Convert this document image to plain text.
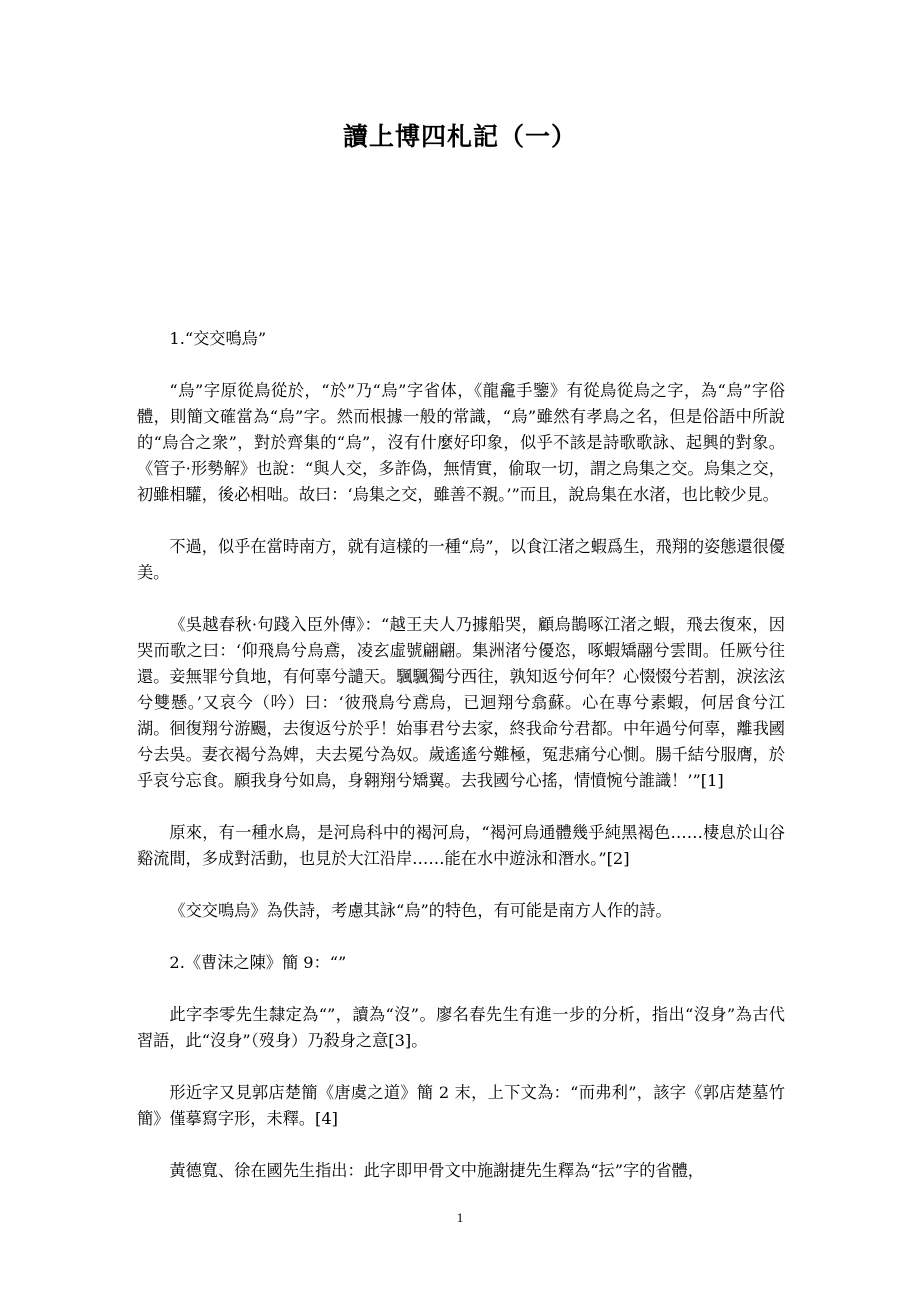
讀上博四札記（一）

1.“交交鳴烏”

“烏”字原從鳥從於，“於”乃“烏”字省体，《龍龕手鑒》有從鳥從烏之字，為“烏”字俗體，則簡文確當為“烏”字。然而根據一般的常識，“烏”雖然有孝鳥之名，但是俗語中所說的“烏合之衆”，對於齊集的“烏”，沒有什麼好印象，似乎不該是詩歌歌詠、起興的對象。《管子·形勢解》也說：“與人交，多詐偽，無情實，偷取一切，謂之烏集之交。烏集之交，初雖相驩，後必相咄。故曰：‘烏集之交，雖善不親。’”而且，說烏集在水渚，也比較少見。

不過，似乎在當時南方，就有這樣的一種“烏”，以食江渚之蝦爲生，飛翔的姿態還很優美。

《吳越春秋·句踐入臣外傳》：“越王夫人乃據船哭，顧烏鵲啄江渚之蝦，飛去復來，因哭而歌之曰：‘仰飛鳥兮烏鳶，凌玄虛號翩翩。集洲渚兮優恣，啄蝦矯翮兮雲間。任厥兮往還。妾無罪兮負地，有何辜兮譴天。颿颿獨兮西往，孰知返兮何年？心惙惙兮若割，淚泫泫兮雙懸。’又哀今（吟）曰：‘彼飛鳥兮鳶烏，已迴翔兮翕蘇。心在專兮素蝦，何居食兮江湖。徊復翔兮游颺，去復返兮於乎！始事君兮去家，終我命兮君都。中年過兮何辜，離我國兮去吳。妻衣褐兮為婢，夫去冕兮為奴。歲遙遙兮難極，冤悲痛兮心惻。腸千結兮服膺，於乎哀兮忘食。願我身兮如鳥，身翱翔兮矯翼。去我國兮心搖，情憤惋兮誰識！’”[1]

原來，有一種水鳥，是河烏科中的褐河烏，“褐河烏通體幾乎純黑褐色……棲息於山谷谿流間，多成對活動，也見於大江沿岸……能在水中遊泳和潛水。”[2]

《交交鳴烏》為佚詩，考慮其詠“烏”的特色，有可能是南方人作的詩。

2.《曹沫之陳》簡 9：“”

此字李零先生隸定為“”，讀為“沒”。廖名春先生有進一步的分析，指出“沒身”為古代習語，此“沒身”（歿身）乃殺身之意[3]。

形近字又見郭店楚簡《唐虞之道》簡 2 末，上下文為：“而弗利”，該字《郭店楚墓竹簡》僅摹寫字形，未釋。[4]

黃德寬、徐在國先生指出：此字即甲骨文中施謝捷先生釋為“抎”字的省體，

1
